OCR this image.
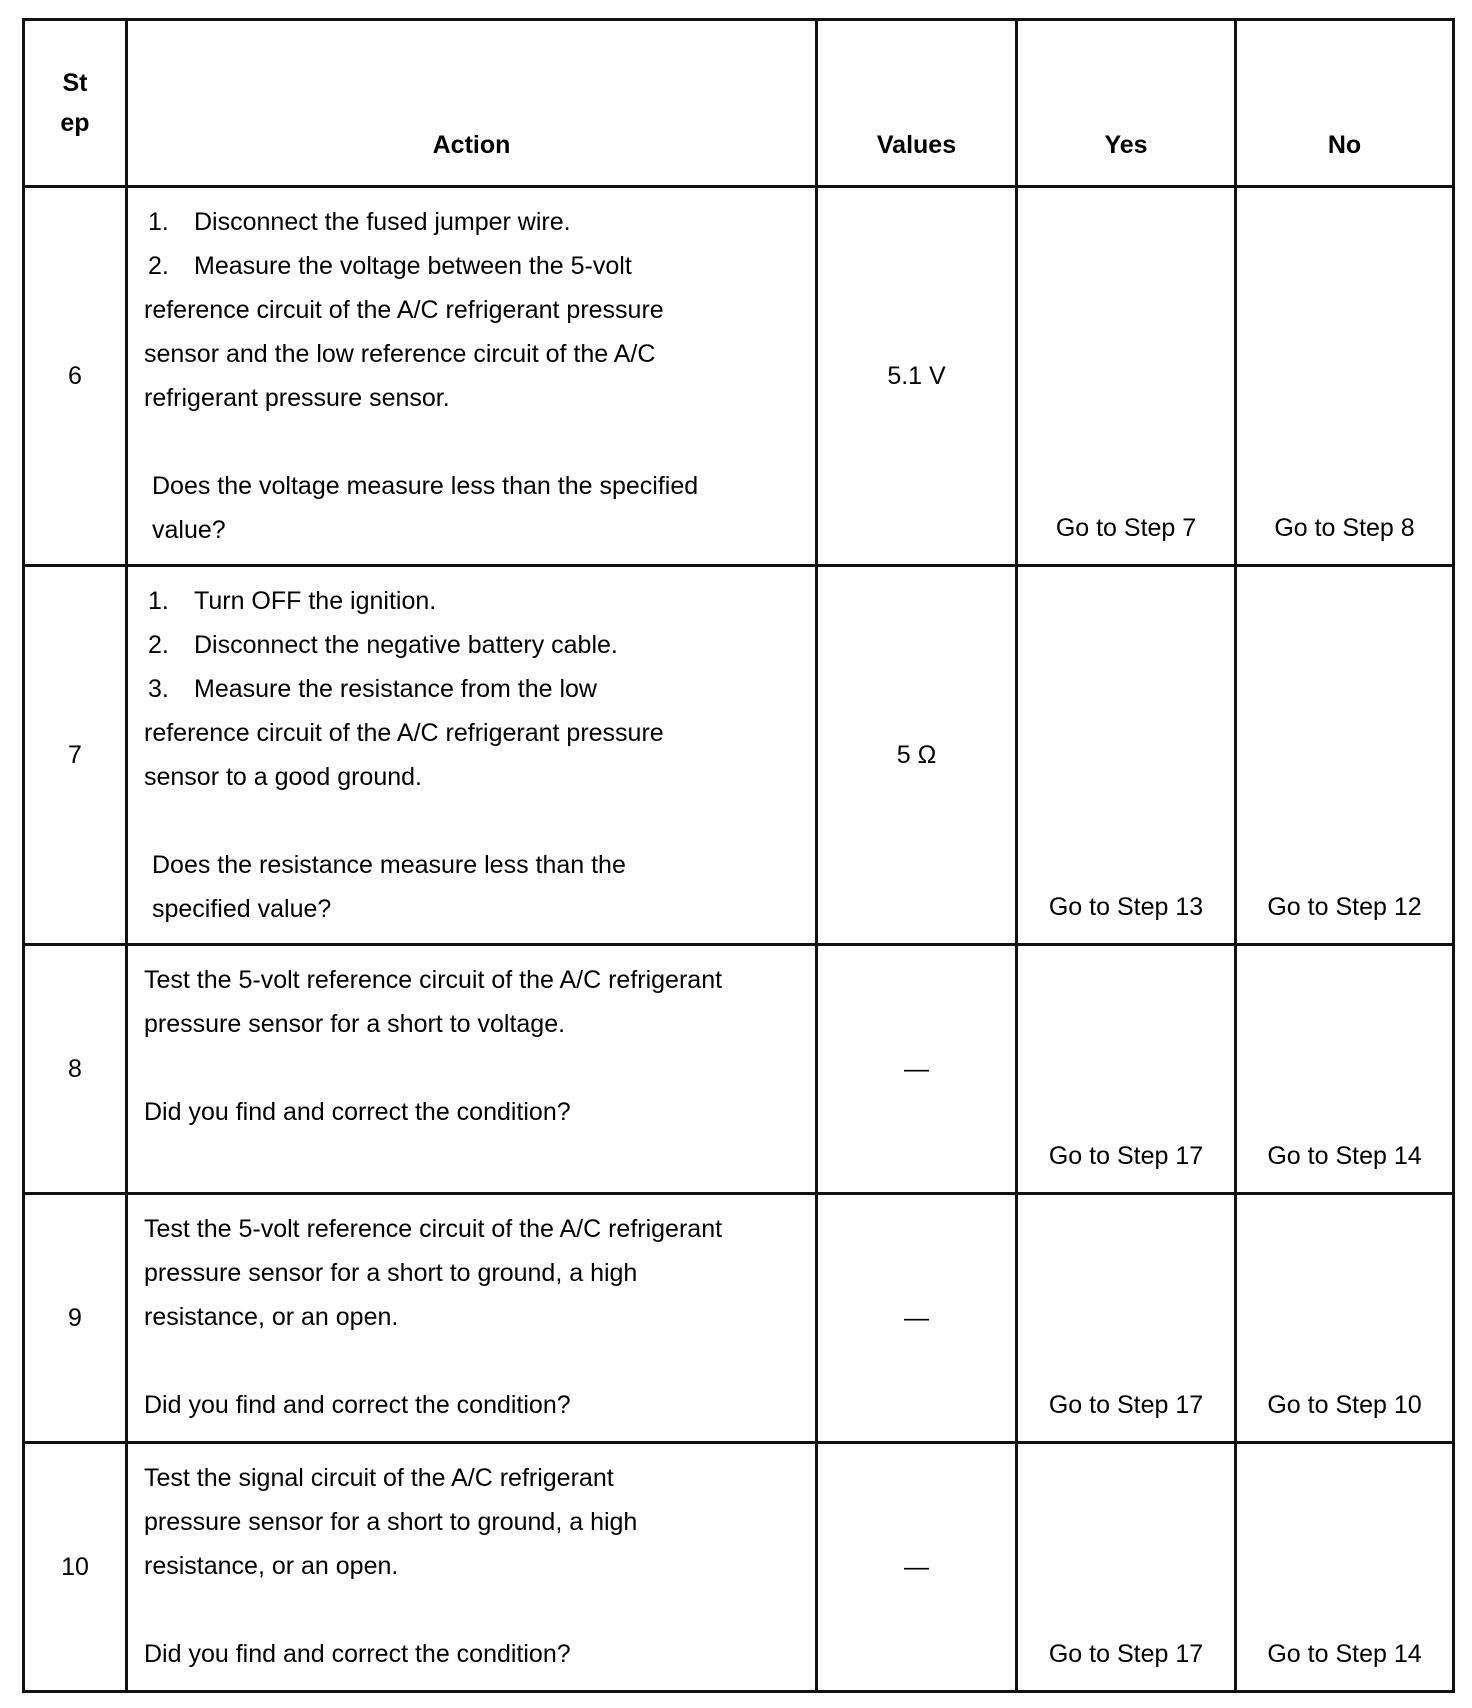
St ep	Action	Values	Yes	No
6	1. Disconnect the fused jumper wire.
2. Measure the voltage between the 5-volt reference circuit of the A/C refrigerant pressure sensor and the low reference circuit of the A/C refrigerant pressure sensor.
Does the voltage measure less than the specified value?	5.1 V	Go to Step 7	Go to Step 8
7	1. Turn OFF the ignition.
2. Disconnect the negative battery cable.
3. Measure the resistance from the low reference circuit of the A/C refrigerant pressure sensor to a good ground.
Does the resistance measure less than the specified value?	5 Ω	Go to Step 13	Go to Step 12
8	Test the 5-volt reference circuit of the A/C refrigerant pressure sensor for a short to voltage.
Did you find and correct the condition?	—	Go to Step 17	Go to Step 14
9	Test the 5-volt reference circuit of the A/C refrigerant pressure sensor for a short to ground, a high resistance, or an open.
Did you find and correct the condition?	—	Go to Step 17	Go to Step 10
10	Test the signal circuit of the A/C refrigerant pressure sensor for a short to ground, a high resistance, or an open.
Did you find and correct the condition?	—	Go to Step 17	Go to Step 14
